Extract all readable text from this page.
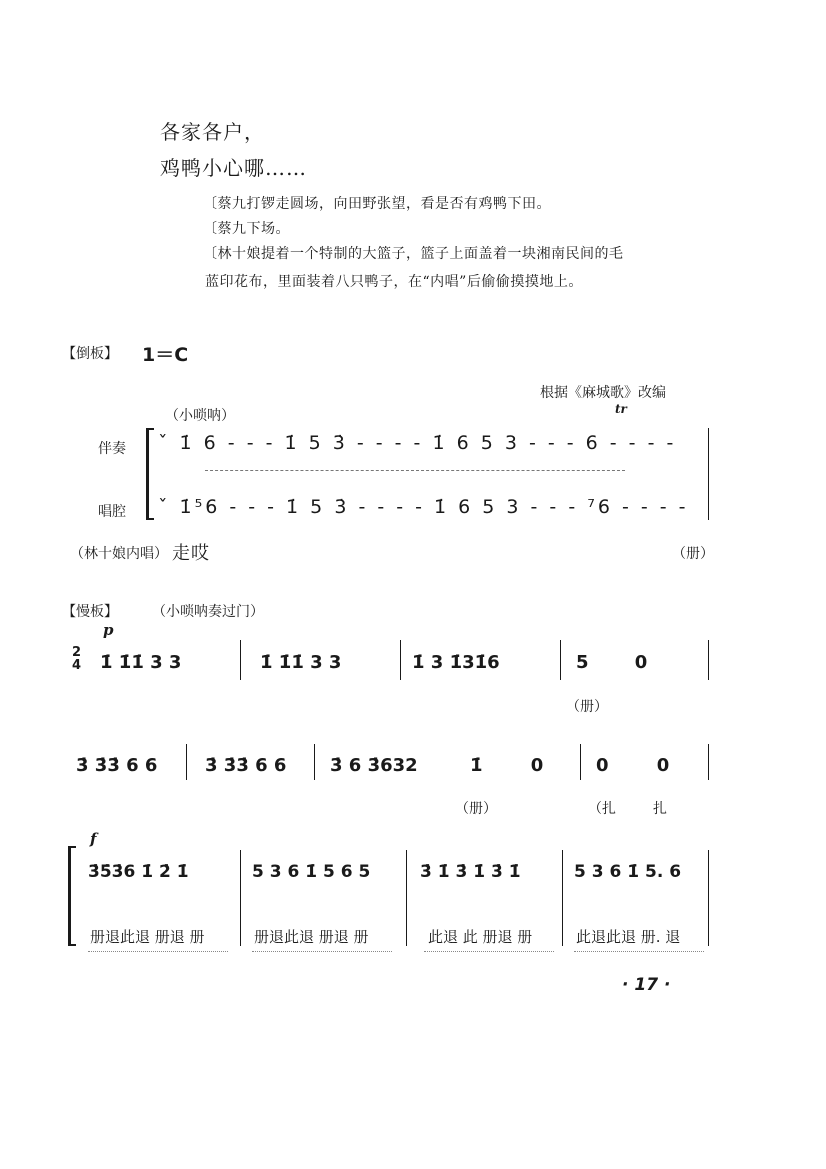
各家各户，
鸡鸭小心哪……
〔蔡九打锣走圆场，向田野张望，看是否有鸡鸭下田。
〔蔡九下场。
〔林十娘提着一个特制的大篮子，篮子上面盖着一块湘南民间的毛
蓝印花布，里面装着八只鸭子，在“内唱”后偷偷摸摸地上。
【倒板】 1＝C
根据《麻城歌》改编
（小唢呐）	tr
伴奏
唱腔
ˇ 1̇ 6 - - - 1̇ 5 3̇ - - - - 1̇ 6 5 3 - - - 6 - - - -
ˇ 1̇⁵6 - - - 1̇ 5 3̇ - - - - 1̇ 6 5 3 - - - ⁷6 - - - -
（林十娘内唱） 走哎	（册）
【慢板】 （小唢呐奏过门）
p
2
4 1̇ 1̇1̇ 3 3	1̇ 1̇1̇ 3 3	1̇ 3 1̇31̇6	5 0
（册）
3̇ 3̇3̇ 6 6	3̇ 3̇3̇ 6 6 3̇ 6 3̇632	1̇ 0	0 0
（册）	（扎	扎
f
3̇5̇3̇6 1̇ 2̇ 1̇	5 3 6 1̇ 5 6 5	3̇ 1̇ 3̇ 1̇ 3̇ 1̇	5 3 6 1̇ 5. 6
册退此退 册退 册	册退此退 册退 册	此退 此 册退 册	此退此退 册. 退
· 17 ·
